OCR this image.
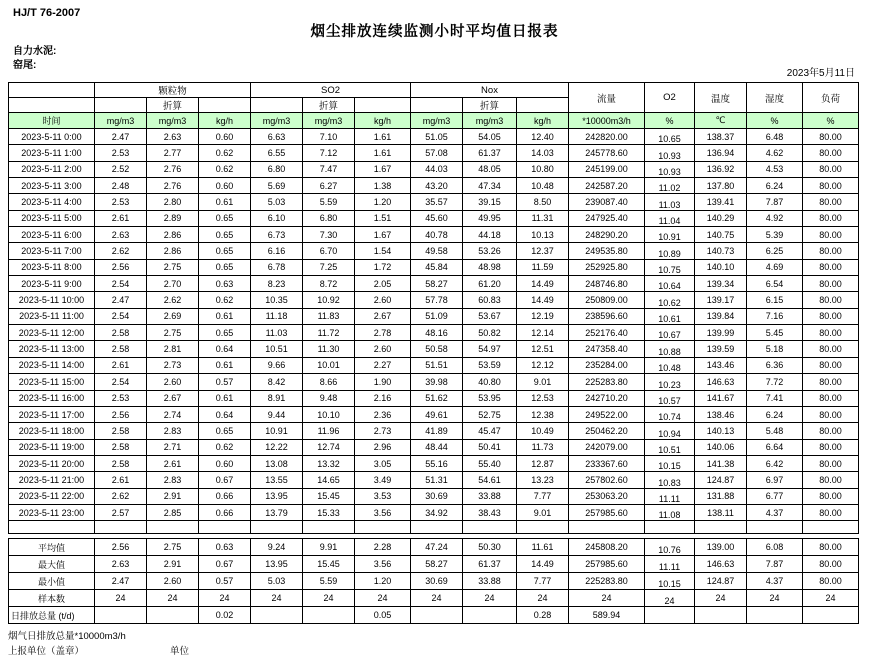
HJ/T 76-2007
烟尘排放连续监测小时平均值日报表
自力水泥:
窑尾:
2023年5月11日
	颗粒物			SO2			Nox			流量	O2	温度	湿度	负荷
		折算			折算			折算						
时间	mg/m3	mg/m3	kg/h	mg/m3	mg/m3	kg/h	mg/m3	mg/m3	kg/h	*10000m3/h	%	℃	%	%
2023-5-11 0:00	2.47	2.63	0.60	6.63	7.10	1.61	51.05	54.05	12.40	242820.00	10.65	138.37	6.48	80.00
2023-5-11 1:00	2.53	2.77	0.62	6.55	7.12	1.61	57.08	61.37	14.03	245778.60	10.93	136.94	4.62	80.00
2023-5-11 2:00	2.52	2.76	0.62	6.80	7.47	1.67	44.03	48.05	10.80	245199.00	10.93	136.92	4.53	80.00
2023-5-11 3:00	2.48	2.76	0.60	5.69	6.27	1.38	43.20	47.34	10.48	242587.20	11.02	137.80	6.24	80.00
2023-5-11 4:00	2.53	2.80	0.61	5.03	5.59	1.20	35.57	39.15	8.50	239087.40	11.03	139.41	7.87	80.00
2023-5-11 5:00	2.61	2.89	0.65	6.10	6.80	1.51	45.60	49.95	11.31	247925.40	11.04	140.29	4.92	80.00
2023-5-11 6:00	2.63	2.86	0.65	6.73	7.30	1.67	40.78	44.18	10.13	248290.20	10.91	140.75	5.39	80.00
2023-5-11 7:00	2.62	2.86	0.65	6.16	6.70	1.54	49.58	53.26	12.37	249535.80	10.89	140.73	6.25	80.00
2023-5-11 8:00	2.56	2.75	0.65	6.78	7.25	1.72	45.84	48.98	11.59	252925.80	10.75	140.10	4.69	80.00
2023-5-11 9:00	2.54	2.70	0.63	8.23	8.72	2.05	58.27	61.20	14.49	248746.80	10.64	139.34	6.54	80.00
2023-5-11 10:00	2.47	2.62	0.62	10.35	10.92	2.60	57.78	60.83	14.49	250809.00	10.62	139.17	6.15	80.00
2023-5-11 11:00	2.54	2.69	0.61	11.18	11.83	2.67	51.09	53.67	12.19	238596.60	10.61	139.84	7.16	80.00
2023-5-11 12:00	2.58	2.75	0.65	11.03	11.72	2.78	48.16	50.82	12.14	252176.40	10.67	139.99	5.45	80.00
2023-5-11 13:00	2.58	2.81	0.64	10.51	11.30	2.60	50.58	54.97	12.51	247358.40	10.88	139.59	5.18	80.00
2023-5-11 14:00	2.61	2.73	0.61	9.66	10.01	2.27	51.51	53.59	12.12	235284.00	10.48	143.46	6.36	80.00
2023-5-11 15:00	2.54	2.60	0.57	8.42	8.66	1.90	39.98	40.80	9.01	225283.80	10.23	146.63	7.72	80.00
2023-5-11 16:00	2.53	2.67	0.61	8.91	9.48	2.16	51.62	53.95	12.53	242710.20	10.57	141.67	7.41	80.00
2023-5-11 17:00	2.56	2.74	0.64	9.44	10.10	2.36	49.61	52.75	12.38	249522.00	10.74	138.46	6.24	80.00
2023-5-11 18:00	2.58	2.83	0.65	10.91	11.96	2.73	41.89	45.47	10.49	250462.20	10.94	140.13	5.48	80.00
2023-5-11 19:00	2.58	2.71	0.62	12.22	12.74	2.96	48.44	50.41	11.73	242079.00	10.51	140.06	6.64	80.00
2023-5-11 20:00	2.58	2.61	0.60	13.08	13.32	3.05	55.16	55.40	12.87	233367.60	10.15	141.38	6.42	80.00
2023-5-11 21:00	2.61	2.83	0.67	13.55	14.65	3.49	51.31	54.61	13.23	257802.60	10.83	124.87	6.97	80.00
2023-5-11 22:00	2.62	2.91	0.66	13.95	15.45	3.53	30.69	33.88	7.77	253063.20	11.11	131.88	6.77	80.00
2023-5-11 23:00	2.57	2.85	0.66	13.79	15.33	3.56	34.92	38.43	9.01	257985.60	11.08	138.11	4.37	80.00

平均值	2.56	2.75	0.63	9.24	9.91	2.28	47.24	50.30	11.61	245808.20	10.76	139.00	6.08	80.00
最大值	2.63	2.91	0.67	13.95	15.45	3.56	58.27	61.37	14.49	257985.60	11.11	146.63	7.87	80.00
最小值	2.47	2.60	0.57	5.03	5.59	1.20	30.69	33.88	7.77	225283.80	10.15	124.87	4.37	80.00
样本数	24	24	24	24	24	24	24	24	24	24	24	24	24	24
日排放总量 (t/d)			0.02			0.05			0.28	589.94				
烟气日排放总量*10000m3/h
上报单位（盖章）	单位
